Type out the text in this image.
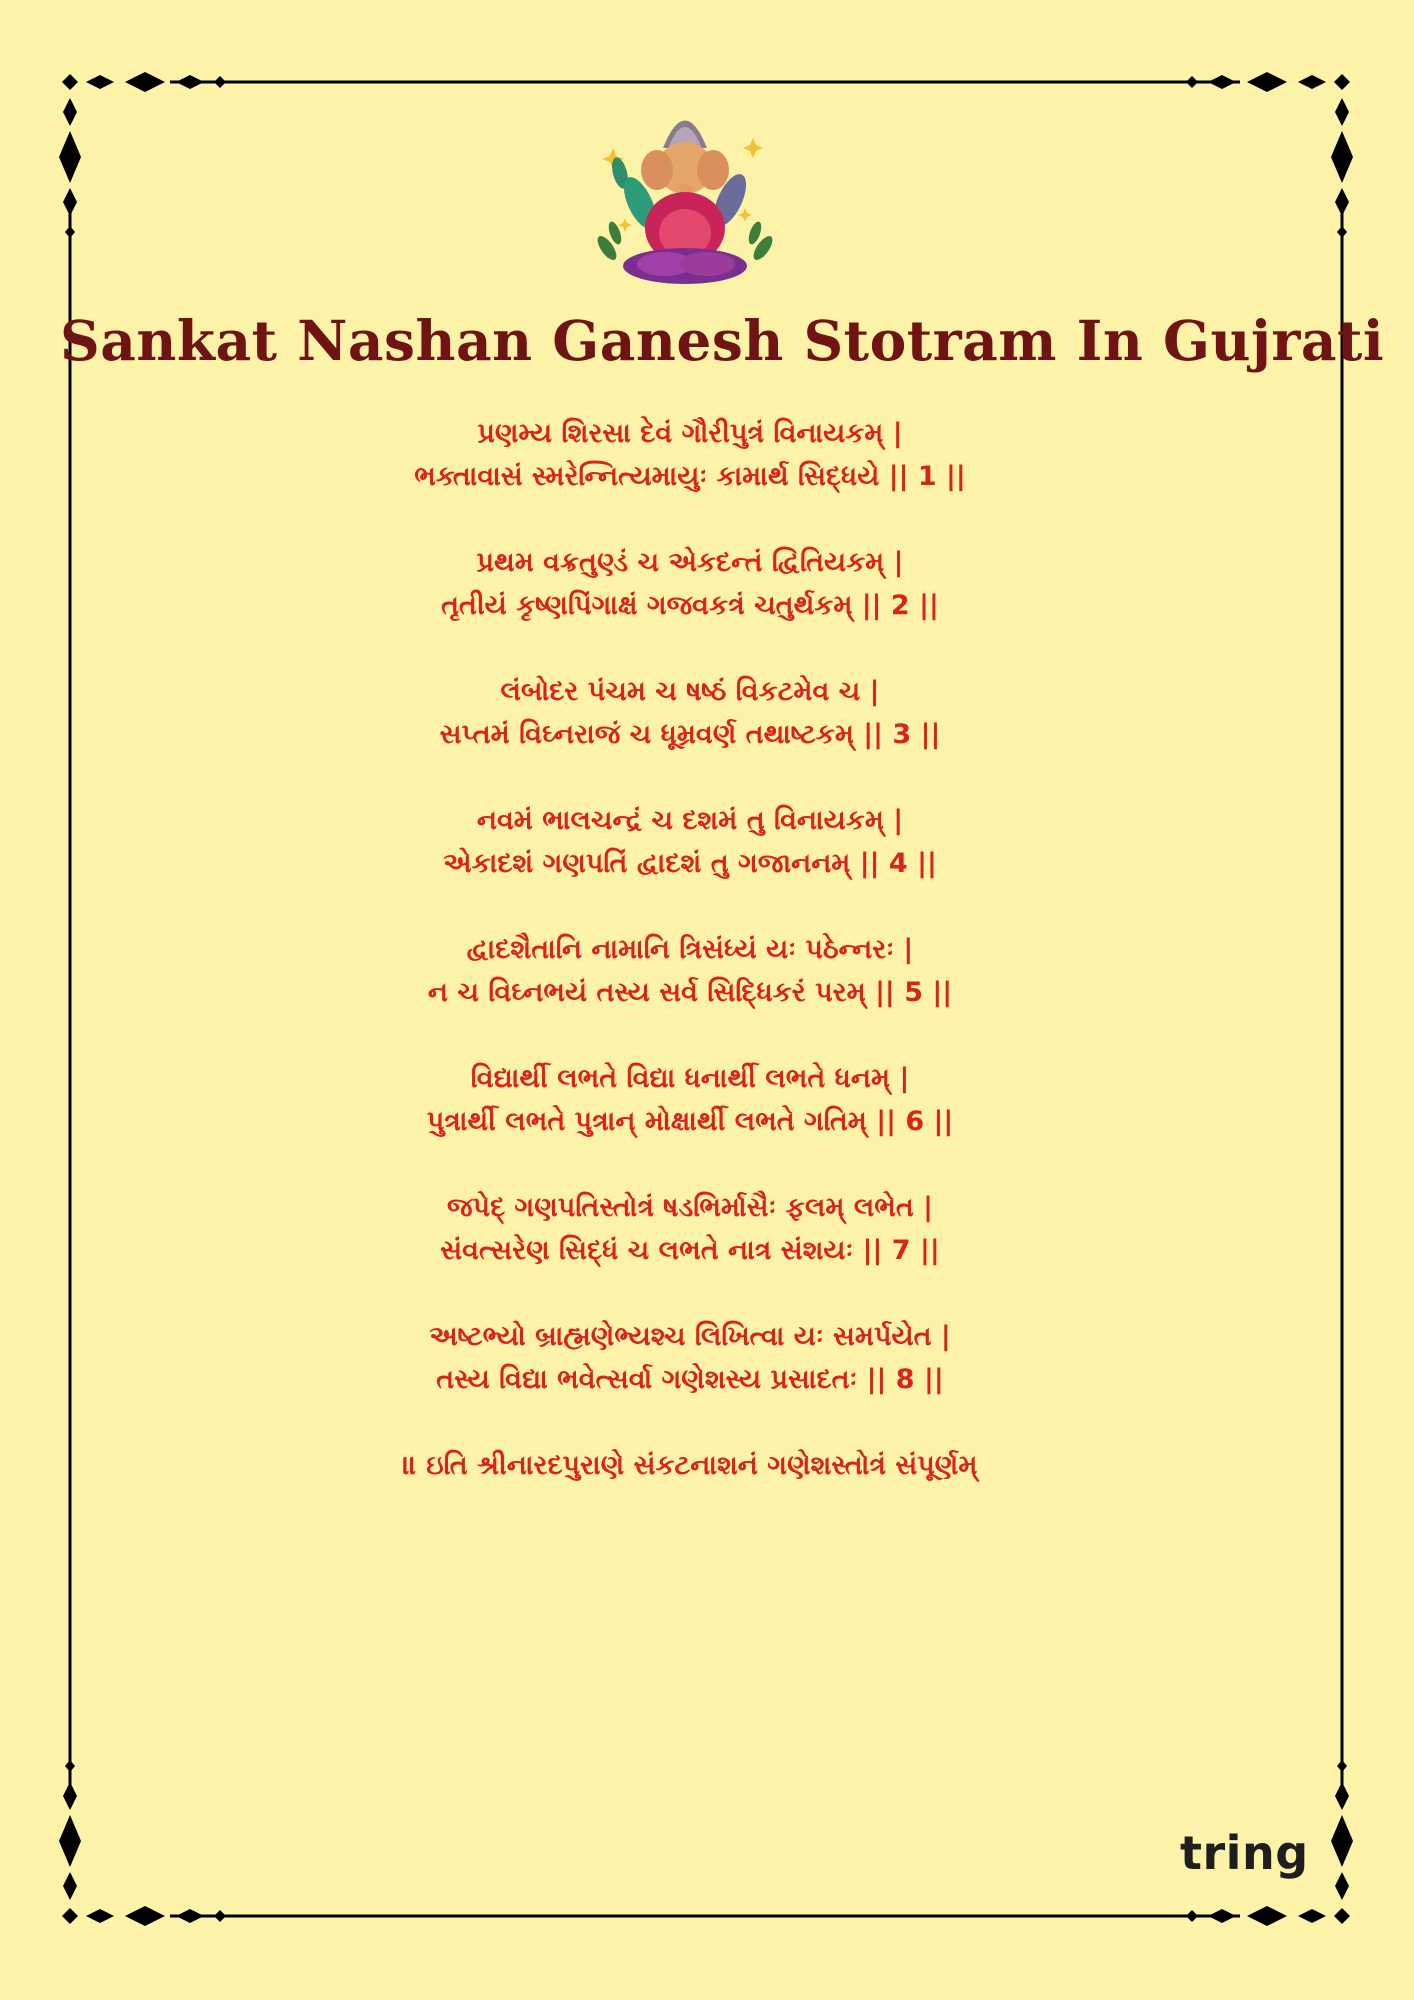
Sankat Nashan Ganesh Stotram In Gujrati
પ્રણમ્ય શિરસા દેવં ગૌરીપુત્રં વિનાયકમ્ |
ભક્તાવાસં સ્મરેન્નિત્યમાયુઃ કામાર્થ સિદ્ધયે || 1 ||
પ્રથમ વક્રતુણ્ડં ચ એકદન્તં દ્વિતિયકમ્ |
તૃતીયં કૃષ્ણપિંગાક્ષં ગજવકત્રં ચતુર્થકમ્ || 2 ||
લંબોદર પંચમ ચ ષષ્ઠં વિકટમેવ ચ |
સપ્તમં વિઘ્નરાજં ચ ધૂમ્રવર્ણ તથાષ્ટકમ્ || 3 ||
નવમં ભાલચન્દ્રં ચ દશમં તુ વિનાયકમ્ |
એકાદશં ગણપતિં દ્વાદશં તુ ગજાનનમ્ || 4 ||
દ્વાદશૈતાનિ નામાનિ ત્રિસંધ્યં યઃ પઠેન્નરઃ |
ન ચ વિઘ્નભયં તસ્ય સર્વ સિદ્ધિકરં પરમ્ || 5 ||
વિદ્યાર્થી લભતે વિદ્યા ધનાર્થી લભતે ધનમ્ |
પુત્રાર્થી લભતે પુત્રાન્ મોક્ષાર્થી લભતે ગતિમ્ || 6 ||
જપેદ્ ગણપતિસ્તોત્રં ષડભિર્માસૈઃ ફલમ્ લભેત |
સંવત્સરેણ સિદ્ધં ચ લભતે નાત્ર સંશયઃ || 7 ||
અષ્ટભ્યો બ્રાહ્મણેભ્યશ્ચ લિખિત્વા યઃ સમર્પયેત |
તસ્ય વિદ્યા ભવેત્સર્વા ગણેશસ્ય પ્રસાદતઃ || 8 ||
॥ ઇતિ શ્રીનારદપુરાણે સંકટનાશનં ગણેશસ્તોત્રં સંપૂર્ણમ્
tring
